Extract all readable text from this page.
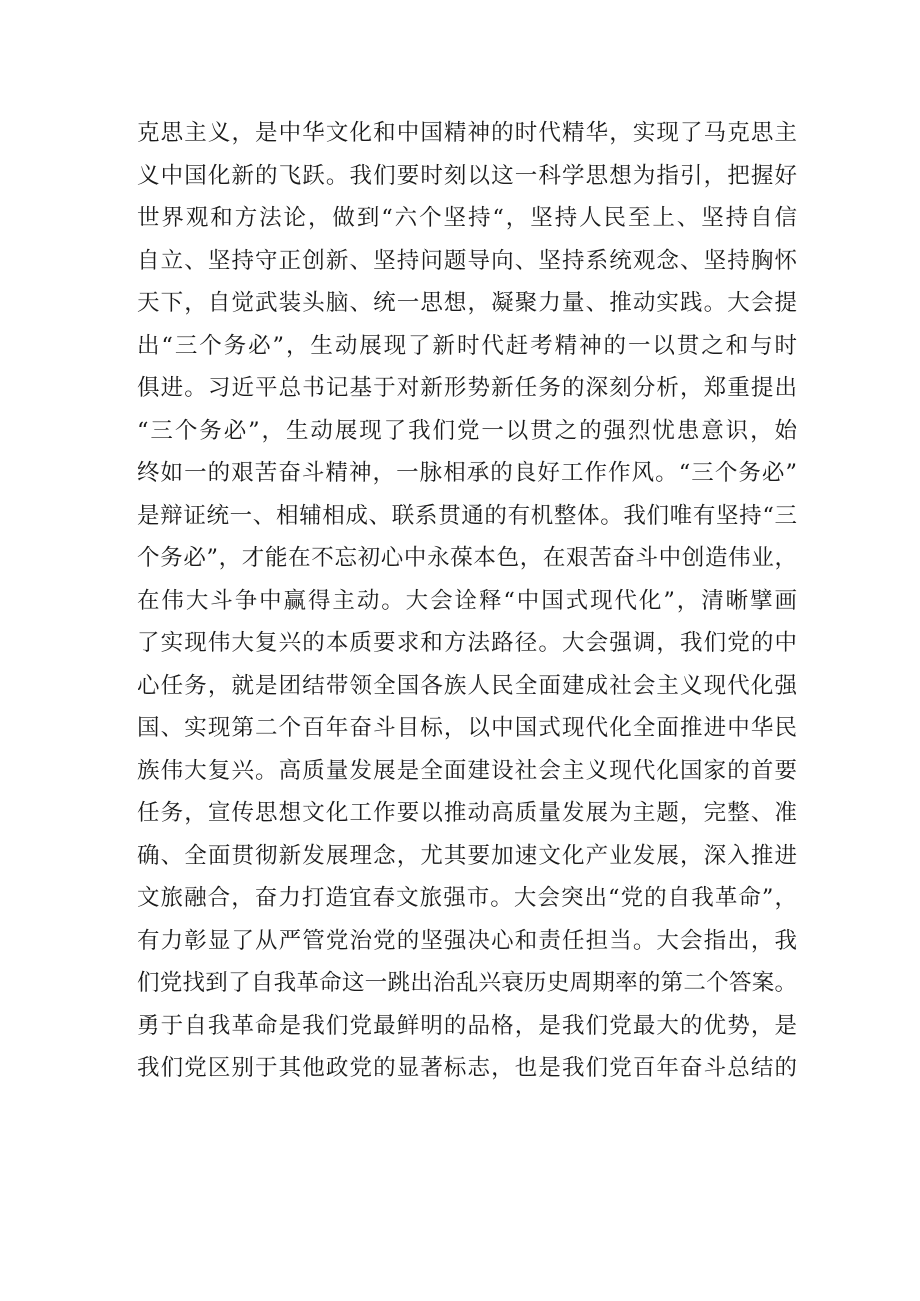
克思主义，是中华文化和中国精神的时代精华，实现了马克思主
义中国化新的飞跃。我们要时刻以这一科学思想为指引，把握好
世界观和方法论，做到“六个坚持“，坚持人民至上、坚持自信
自立、坚持守正创新、坚持问题导向、坚持系统观念、坚持胸怀
天下，自觉武装头脑、统一思想，凝聚力量、推动实践。大会提
出“三个务必”，生动展现了新时代赶考精神的一以贯之和与时
俱进。习近平总书记基于对新形势新任务的深刻分析，郑重提出
“三个务必”，生动展现了我们党一以贯之的强烈忧患意识，始
终如一的艰苦奋斗精神，一脉相承的良好工作作风。“三个务必”
是辩证统一、相辅相成、联系贯通的有机整体。我们唯有坚持“三
个务必”，才能在不忘初心中永葆本色，在艰苦奋斗中创造伟业，
在伟大斗争中赢得主动。大会诠释“中国式现代化”，清晰擘画
了实现伟大复兴的本质要求和方法路径。大会强调，我们党的中
心任务，就是团结带领全国各族人民全面建成社会主义现代化强
国、实现第二个百年奋斗目标，以中国式现代化全面推进中华民
族伟大复兴。高质量发展是全面建设社会主义现代化国家的首要
任务，宣传思想文化工作要以推动高质量发展为主题，完整、准
确、全面贯彻新发展理念，尤其要加速文化产业发展，深入推进
文旅融合，奋力打造宜春文旅强市。大会突出“党的自我革命”，
有力彰显了从严管党治党的坚强决心和责任担当。大会指出，我
们党找到了自我革命这一跳出治乱兴衰历史周期率的第二个答案。
勇于自我革命是我们党最鲜明的品格，是我们党最大的优势，是
我们党区别于其他政党的显著标志，也是我们党百年奋斗总结的
